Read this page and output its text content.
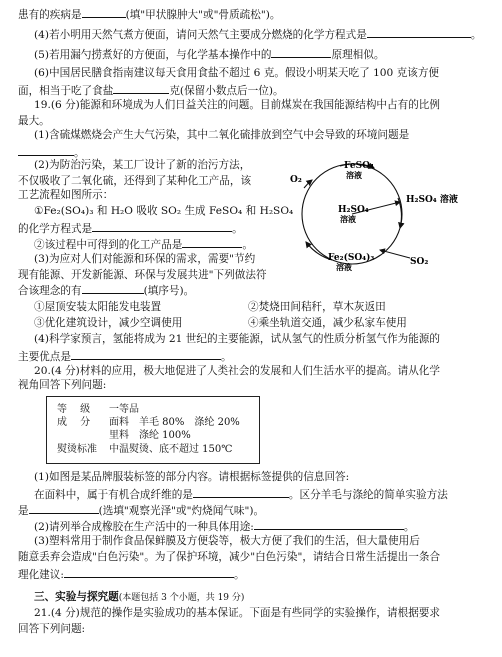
患有的疾病是	(填"甲状腺肿大"或"骨质疏松")。
(4)若小明用天然气煮方便面，请问天然气主要成分燃烧的化学方程式是	。
(5)若用漏勺捞煮好的方便面，与化学基本操作中的	原理相似。
(6)中国居民膳食指南建议每天食用食盐不超过 6 克。假设小明某天吃了 100 克该方便
面，相当于吃了食盐	克(保留小数点后一位)。
19.(6 分)能源和环境成为人们日益关注的问题。目前煤炭在我国能源结构中占有的比例
最大。
(1)含硫煤燃烧会产生大气污染，其中二氧化硫排放到空气中会导致的环境问题是
。
(2)为防治污染，某工厂设计了新的治污方法，
不仅吸收了二氧化硫，还得到了某种化工产品，该
工艺流程如图所示：
①Fe₂(SO₄)₃ 和 H₂O 吸收 SO₂ 生成 FeSO₄ 和 H₂SO₄
的化学方程式是	。
②该过程中可得到的化工产品是	。
(3)为应对人们对能源和环保的需求，需要"节约
现有能源、开发新能源、环保与发展共进"下列做法符
合该理念的有	(填序号)。
①屋顶安装太阳能发电装置	②焚烧田间秸秆，草木灰返田
③优化建筑设计，减少空调使用	④乘坐轨道交通，减少私家车使用
(4)科学家预言，氢能将成为 21 世纪的主要能源，试从氢气的性质分析氢气作为能源的
主要优点是	。
20.(4 分)材料的应用，极大地促进了人类社会的发展和人们生活水平的提高。请从化学
视角回答下列问题:
等　 级 一等品
成　 分 面料　羊毛 80%　涤纶 20%
里料　涤纶 100%
熨烫标准 中温熨烫、底不超过 150℃
(1)如图是某品牌服装标签的部分内容。请根据标签提供的信息回答:
在面料中，属于有机合成纤维的是	。区分羊毛与涤纶的简单实验方法
是	(选填"观察光泽"或"灼烧闻气味")。
(2)请列举合成橡胶在生产活中的一种具体用途:	。
(3)塑料常用于制作食品保鲜膜及方便袋等，极大方便了我们的生活，但大量使用后
随意丢弃会造成"白色污染"。为了保护环境，减少"白色污染"，请结合日常生活提出一条合
理化建议:	。
三、实验与探究题(本题包括 3 个小题，共 19 分)
21.(4 分)规范的操作是实验成功的基本保证。下面是有些同学的实验操作，请根据要求
回答下列问题:
FeSO₄
溶液
O₂
H₂SO₄
溶液
H₂SO₄ 溶液
Fe₂(SO₄)₃
溶液	SO₂
